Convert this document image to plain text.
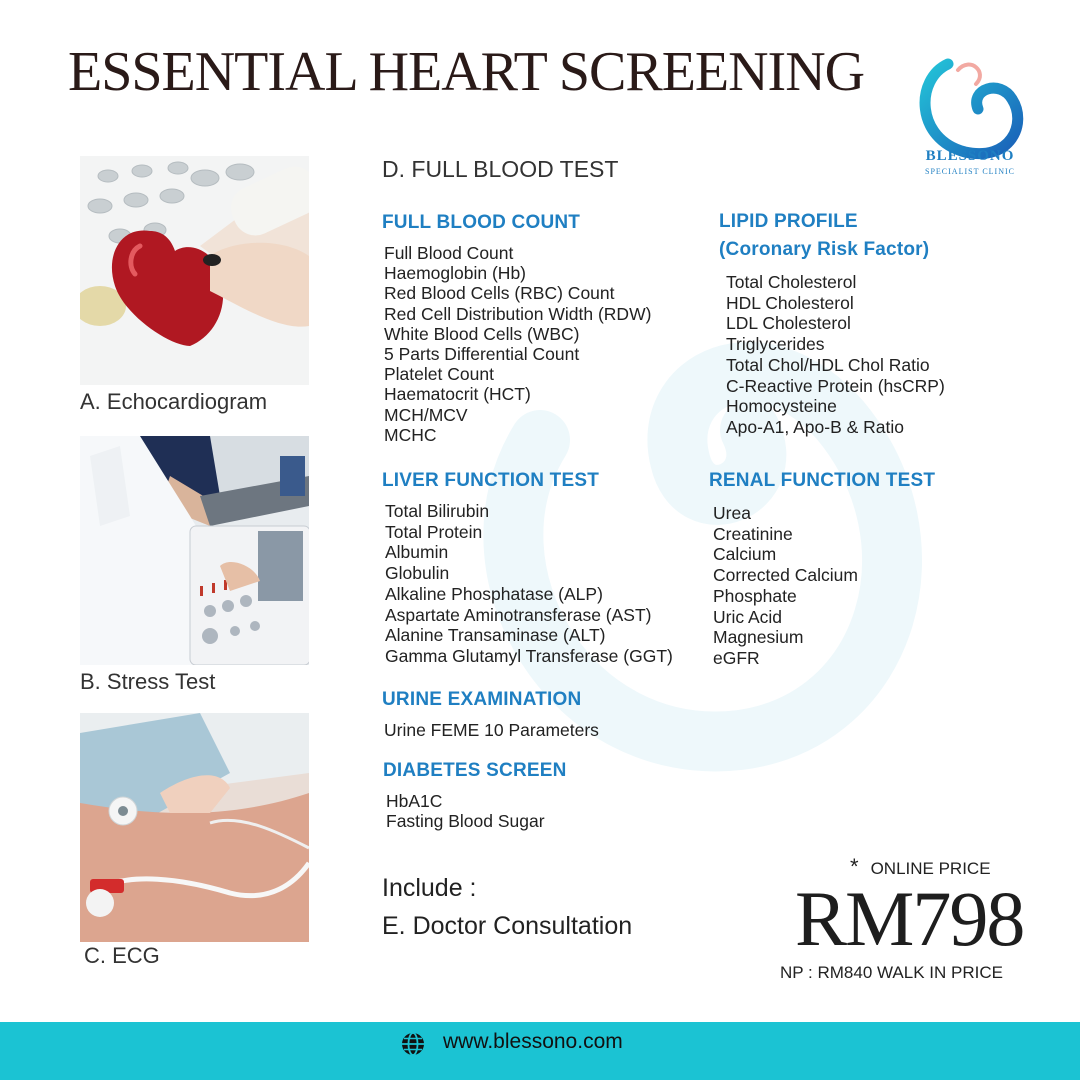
ESSENTIAL HEART SCREENING
BLESSONO
SPECIALIST CLINIC
A. Echocardiogram
B. Stress Test
C. ECG
D. FULL BLOOD TEST
FULL BLOOD COUNT
Full Blood Count
Haemoglobin (Hb)
Red Blood Cells (RBC) Count
Red Cell Distribution Width (RDW)
White Blood Cells (WBC)
5 Parts Differential Count
Platelet Count
Haematocrit (HCT)
MCH/MCV
MCHC
LIPID PROFILE
(Coronary Risk Factor)
Total Cholesterol
HDL Cholesterol
LDL Cholesterol
Triglycerides
Total Chol/HDL Chol Ratio
C-Reactive Protein (hsCRP)
Homocysteine
Apo-A1, Apo-B & Ratio
LIVER FUNCTION TEST
Total Bilirubin
Total Protein
Albumin
Globulin
Alkaline Phosphatase (ALP)
Aspartate Aminotransferase (AST)
Alanine Transaminase (ALT)
Gamma Glutamyl Transferase (GGT)
RENAL FUNCTION TEST
Urea
Creatinine
Calcium
Corrected Calcium
Phosphate
Uric Acid
Magnesium
eGFR
URINE EXAMINATION
Urine FEME 10 Parameters
DIABETES SCREEN
HbA1C
Fasting Blood Sugar
Include :
E. Doctor Consultation
* ONLINE PRICE
RM798
NP : RM840 WALK IN PRICE
www.blessono.com
